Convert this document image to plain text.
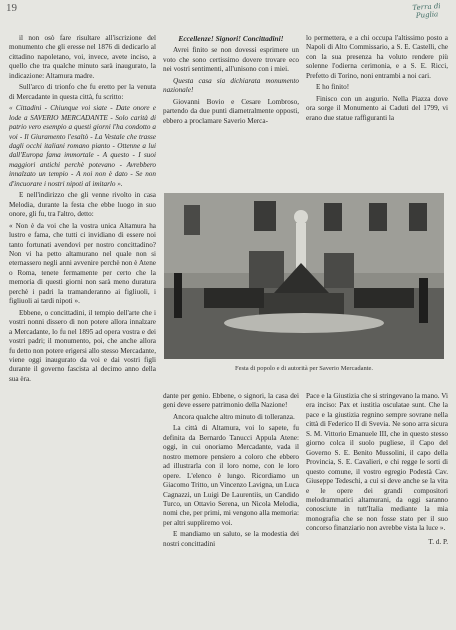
19	Terra di
Puglia

il non osò fare risultare all'iscrizione del monumento che gli eresse nel 1876 di dedicarlo al cittadino napoletano, voi, invece, avete inciso, a quello che tra qualche minuto sarà inaugurato, la indicazione: Altamura madre.

Sull'arco di trionfo che fu eretto per la venuta di Mercadante in questa città, fu scritto:

« Cittadini - Chiunque voi siate - Date onore e lode a SAVERIO MERCADANTE - Solo carità di patrio vero esempio a questi giorni l'ha condotto a voi - Il Giuramento l'esaltò - La Vestale che trasse dagli occhi italiani romano pianto - Ottenne a lui dall'Europa fama immortale - A questo - I suoi maggiori antichi perchè potevano - Avrebbero innalzato un tempio - A noi non è dato - Se non d'incuorare i nostri nipoti al imitarlo ».

E nell'indirizzo che gli venne rivolto in casa Melodia, durante la festa che ebbe luogo in suo onore, gli fu, tra l'altro, detto:

« Non è da voi che la vostra unica Altamura ha lustro e fama, che tutti ci invidiano di essere noi tanto fortunati avendovi per nostro concittadino? Non vi ha petto altamurano nel quale non si eternassero negli anni avvenire perchè non è Atene o Roma, tenete fermamente per certo che la memoria di questi giorni non sarà meno duratura perchè i padri la tramanderanno ai figliuoli, i figliuoli ai tardi nipoti ».

Ebbene, o concittadini, il tempio dell'arte che i vostri nonni dissero di non potere allora innalzare a Mercadante, lo fu nel 1895 ad opera vostra e dei vostri padri; il monumento, poi, che anche allora fu detto non potere erigersi allo stesso Mercadante, viene oggi inaugurato da voi e dai vostri figli durante il governo fascista al decimo anno della sua èra.

Eccellenze! Signori! Concittadini!

Avrei finito se non dovessi esprimere un voto che sono certissimo dovere trovare eco nei vostri sentimenti, all'unisono con i miei.

Questa casa sia dichiarata monumento nazionale!

Giovanni Bovio e Cesare Lombroso, partendo da due punti diametralmente opposti, ebbero a proclamare Saverio Merca-

lo permettera, e a chi occupa l'altissimo posto a Napoli di Alto Commissario, a S. E. Castelli, che con la sua presenza ha voluto rendere più solenne l'odierna cerimonia, e a S. E. Ricci, Prefetto di Torino, noni entrambi a noi cari.

E ho finito!

Finisco con un augurio. Nella Piazza dove ora sorge il Monumento ai Caduti del 1799, vi erano due statue raffiguranti la

Festa di popolo e di autorità per Saverio Mercadante.

dante per genio. Ebbene, o signori, la casa dei geni deve essere patrimonio della Nazione!

Ancora qualche altro minuto di tolleranza.

La città di Altamura, voi lo sapete, fu definita da Bernardo Tanucci Appula Atene: oggi, in cui onoriamo Mercadante, vada il nostro memore pensiero a coloro che ebbero ad illustrarla con il loro nome, con le loro opere. L'elenco è lungo. Ricordiamo un Giacomo Tritto, un Vincenzo Lavigna, un Luca Cagnazzi, un Luigi De Laurentiis, un Candido Turco, un Ottavio Serena, un Nicola Melodia, nomi che, per primi, mi vengono alla memoria: per altri suppliremo voi.

E mandiamo un saluto, se la modestia dei nostri concittadini

Pace e la Giustizia che si stringevano la mano. Vi era inciso: Pax et iustitia osculatae sunt. Che la pace e la giustizia regnino sempre sovrane nella città di Federico II di Svevia. Ne sono arra sicura S. M. Vittorio Emanuele III, che in questo stesso giorno colca il suolo pugliese, il Capo del Governo S. E. Benito Mussolini, il capo della Provincia, S. E. Cavalieri, e chi regge le sorti di questo comune, il vostro egregio Podestà Cav. Giuseppe Tedeschi, a cui si deve anche se la vita e le opere dei grandi compositori melodrammatici altamurani, da oggi saranno conosciute in tutt'Italia mediante la mia monografia che se non fosse stato per il suo concorso finanziario non avrebbe vista la luce ».

T. d. P.
